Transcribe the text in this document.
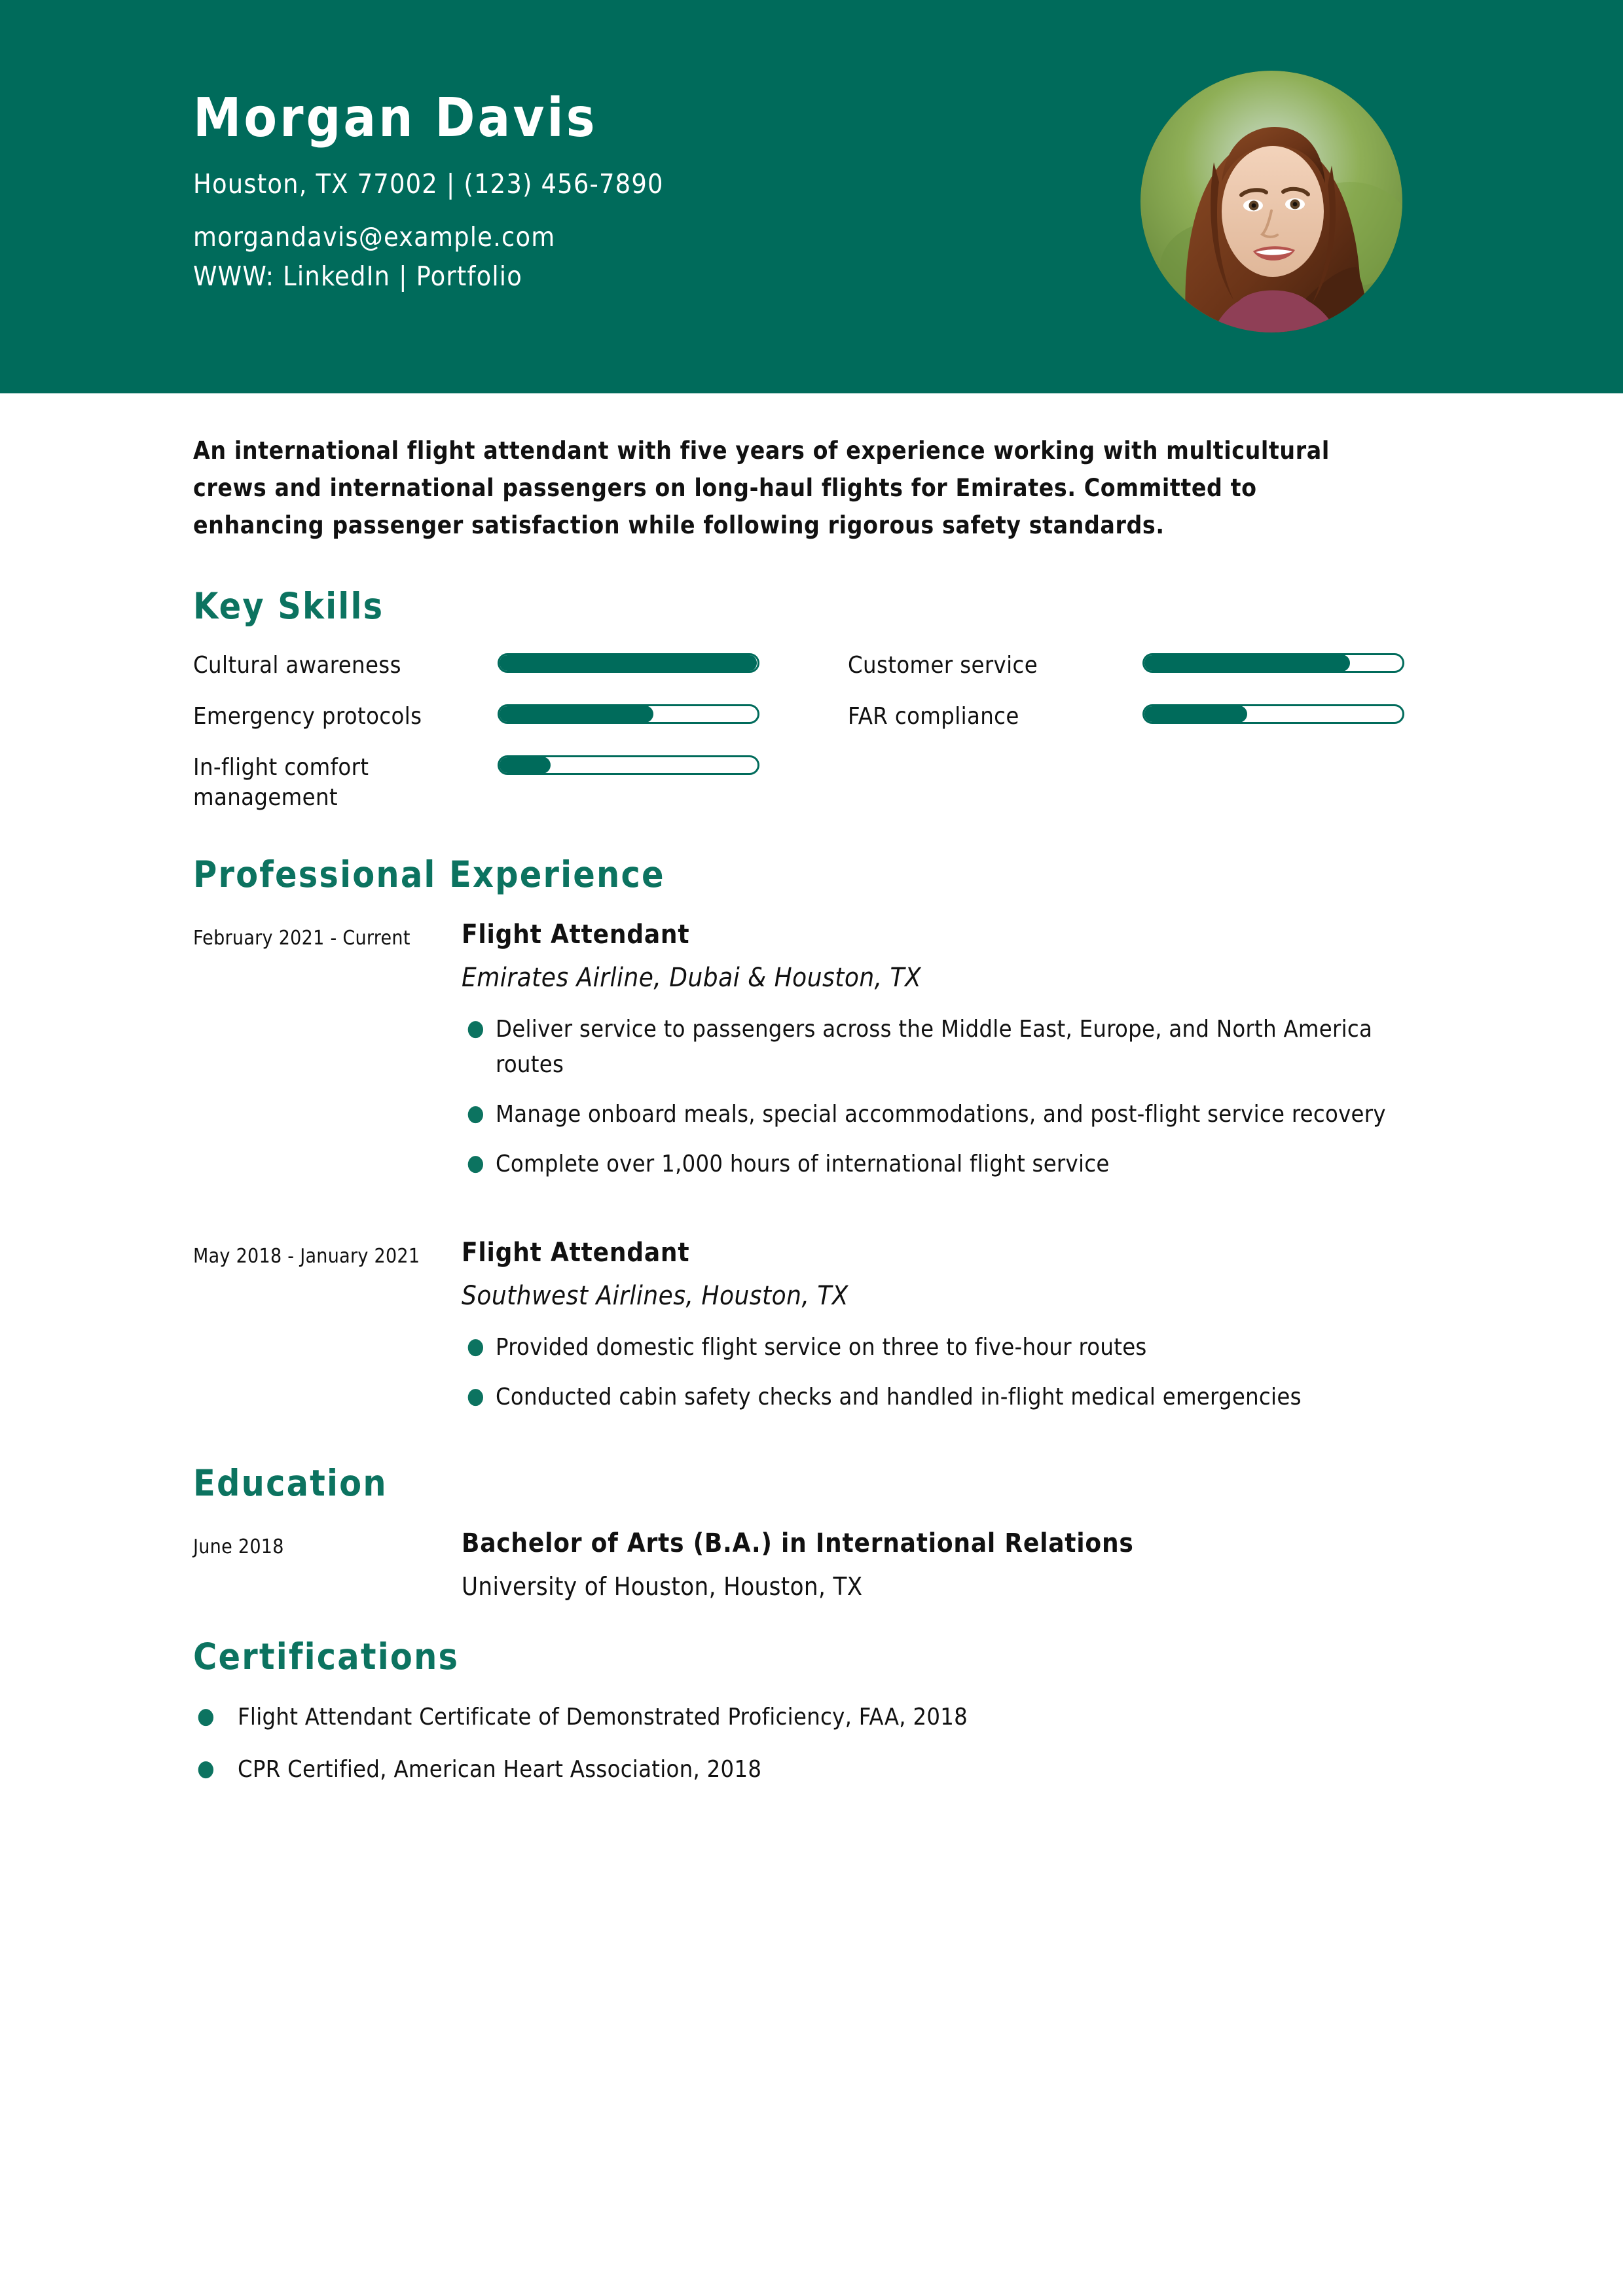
Morgan Davis
Houston, TX 77002 | (123) 456-7890
morgandavis@example.com
WWW: LinkedIn | Portfolio
An international flight attendant with five years of experience working with multicultural crews and international passengers on long-haul flights for Emirates. Committed to enhancing passenger satisfaction while following rigorous safety standards.
Key Skills
Cultural awareness
Emergency protocols
In-flight comfort management
Customer service
FAR compliance
Professional Experience
February 2021 - Current	Flight Attendant
Emirates Airline, Dubai & Houston, TX
● Deliver service to passengers across the Middle East, Europe, and North America routes
● Manage onboard meals, special accommodations, and post-flight service recovery
● Complete over 1,000 hours of international flight service
May 2018 - January 2021	Flight Attendant
Southwest Airlines, Houston, TX
● Provided domestic flight service on three to five-hour routes
● Conducted cabin safety checks and handled in-flight medical emergencies
Education
June 2018	Bachelor of Arts (B.A.) in International Relations
University of Houston, Houston, TX
Certifications
● Flight Attendant Certificate of Demonstrated Proficiency, FAA, 2018
● CPR Certified, American Heart Association, 2018
